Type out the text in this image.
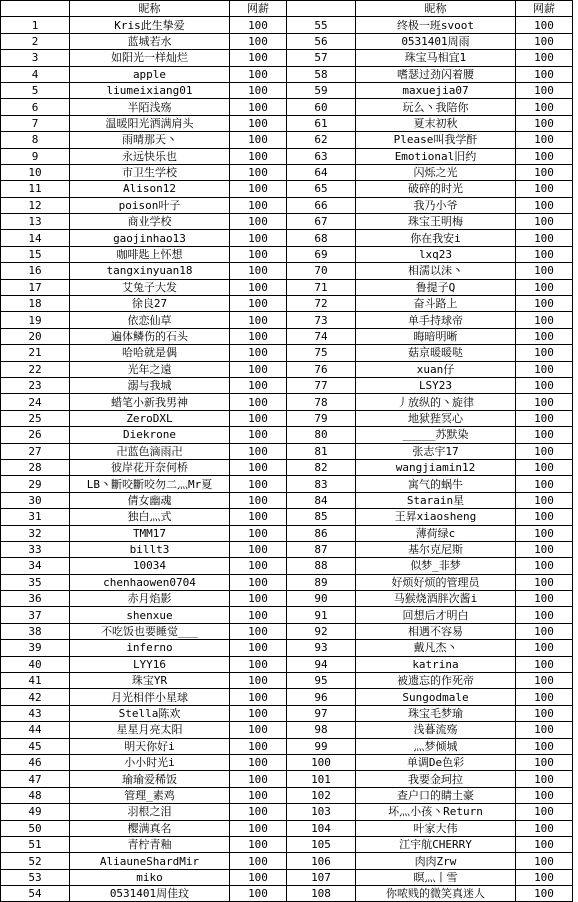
	昵称	网薪		昵称	网薪
1	Kris此生挚爱	100	55	终极一班svoot	100
2	蓝城若水	100	56	0531401周雨	100
3	如阳光一样灿烂	100	57	珠宝马相宜1	100
4	apple	100	58	嗜瑟过劲闪着腰	100
5	liumeixiang01	100	59	maxuejia07	100
6	半陌浅殇	100	60	玩么丶我陪你	100
7	温暖阳光洒满肩头	100	61	夏末初秋	100
8	雨晴那天丶	100	62	Please叫我学酐	100
9	永远快乐也	100	63	Emotional旧约	100
10	市卫生学校	100	64	闪烁之光	100
11	Alison12	100	65	破碎的时光	100
12	poison叶子	100	66	我乃小爷	100
13	商业学校	100	67	珠宝王明梅	100
14	gaojinhao13	100	68	你在我安i	100
15	咖啡匙上怀想	100	69	lxq23	100
16	tangxinyuan18	100	70	相濡以沫丶	100
17	艾兔子大发	100	71	鲁提子Q	100
18	徐良27	100	72	奋斗路上	100
19	依恋仙草	100	73	单手持球帝	100
20	遍体鳞伤的石头	100	74	晦暗明晰	100
21	哈哈就是偶	100	75	菇京暖暖哒	100
22	光年之遠	100	76	xuan仔	100
23	溺与我城	100	77	LSY23	100
24	蜡笔小新我男神	100	78	丿放纵的丶旋律	100
25	ZeroDXL	100	79	地狱狴冥心	100
26	Diekrone	100	80	_____苏默染	100
27	卍蓝色滴雨卍	100	81	张志宇17	100
28	彼岸花开奈何桥	100	82	wangjiamin12	100
29	LB丶斷咬斷咬勿二灬Mr夏	100	83	寓气的蜗牛	100
30	倩女幽魂	100	84	Starain星	100
31	独白灬式	100	85	王昇xiaosheng	100
32	TMM17	100	86	薄荷绿c	100
33	billt3	100	87	基尔克尼斯	100
34	10034	100	88	似梦_非梦	100
35	chenhaowen0704	100	89	好烦好烦的管理员	100
36	赤月焰影	100	90	马猴烧酒胖次酱i	100
37	shenxue	100	91	回想后才明白	100
38	不吃饭也要睡觉___	100	92	相遇不容易	100
39	inferno	100	93	戴凡杰丶	100
40	LYY16	100	94	katrina	100
41	珠宝YR	100	95	被遗忘的作死帝	100
42	月光相伴小星球	100	96	Sungodmale	100
43	Stella陈欢	100	97	珠宝毛梦瑜	100
44	星星月亮太阳	100	98	浅暮流殇	100
45	明天你好i	100	99	灬梦倾城	100
46	小小时光i	100	100	单调De色彩	100
47	瑜瑜爱稀饭	100	101	我要金珂拉	100
48	管理_素鸡	100	102	查户口的睛土豪	100
49	羽根之泪	100	103	坏灬小孩丶Return	100
50	樱满真名	100	104	叶家大伟	100
51	青柠青釉	100	105	江宇航CHERRY	100
52	AliauneShardMir	100	106	肉肉Zrw	100
53	miko	100	107	暝灬丨雪	100
54	0531401周佳玟	100	108	你哝贱的微笑真迷人	100
